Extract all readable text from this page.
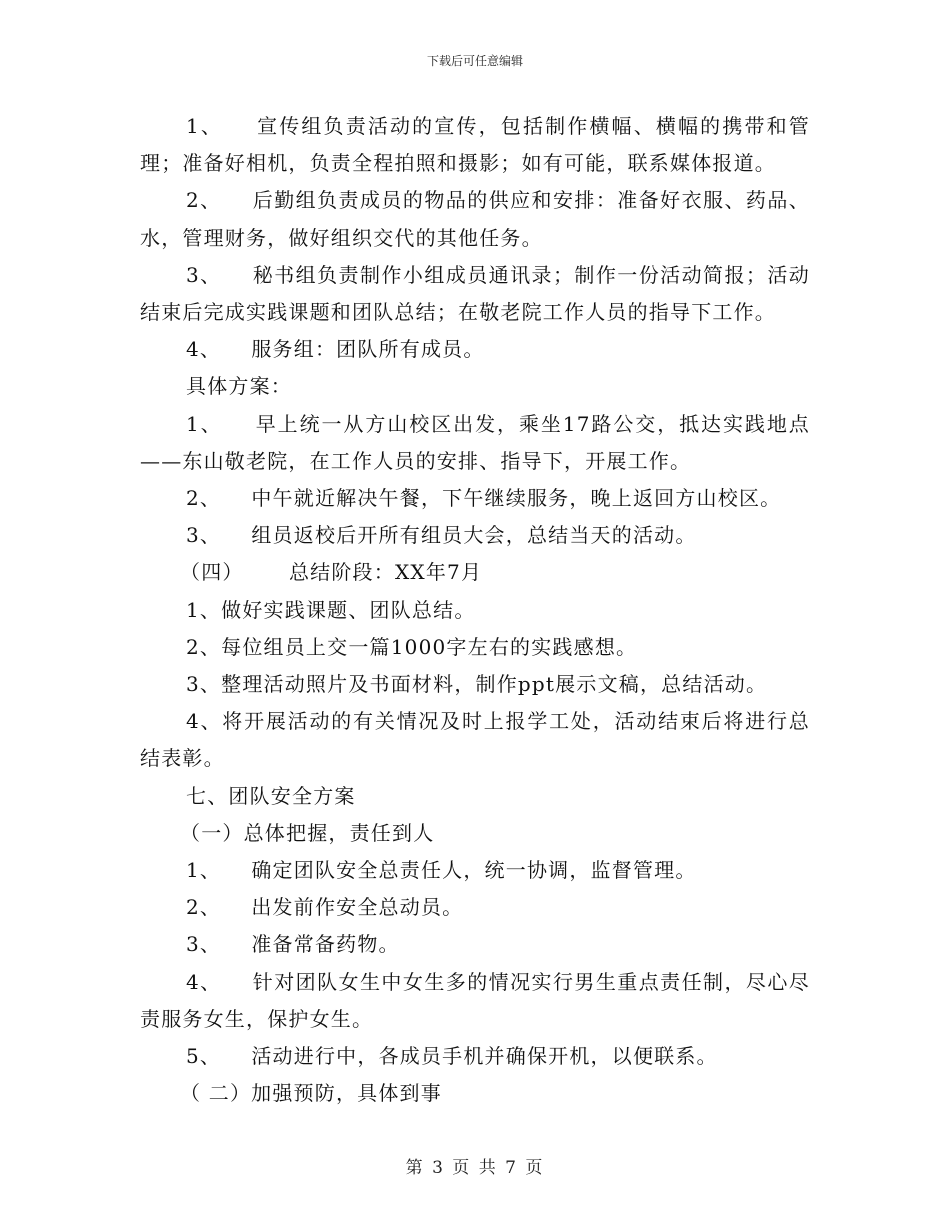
下载后可任意编辑
1、    宣传组负责活动的宣传，包括制作横幅、横幅的携带和管理；准备好相机，负责全程拍照和摄影；如有可能，联系媒体报道。
2、    后勤组负责成员的物品的供应和安排：准备好衣服、药品、水，管理财务，做好组织交代的其他任务。
3、    秘书组负责制作小组成员通讯录；制作一份活动简报；活动结束后完成实践课题和团队总结；在敬老院工作人员的指导下工作。
4、    服务组：团队所有成员。
具体方案：
1、    早上统一从方山校区出发，乘坐17路公交，抵达实践地点——东山敬老院，在工作人员的安排、指导下，开展工作。
2、    中午就近解决午餐，下午继续服务，晚上返回方山校区。
3、    组员返校后开所有组员大会，总结当天的活动。
（四）      总结阶段：XX年7月
1、做好实践课题、团队总结。
2、每位组员上交一篇1000字左右的实践感想。
3、整理活动照片及书面材料，制作ppt展示文稿，总结活动。
4、将开展活动的有关情况及时上报学工处，活动结束后将进行总结表彰。
七、团队安全方案
（一）总体把握，责任到人
1、    确定团队安全总责任人，统一协调，监督管理。
2、    出发前作安全总动员。
3、    准备常备药物。
4、    针对团队女生中女生多的情况实行男生重点责任制，尽心尽责服务女生，保护女生。
5、    活动进行中，各成员手机并确保开机，以便联系。
（ 二）加强预防，具体到事
第 3 页 共 7 页
